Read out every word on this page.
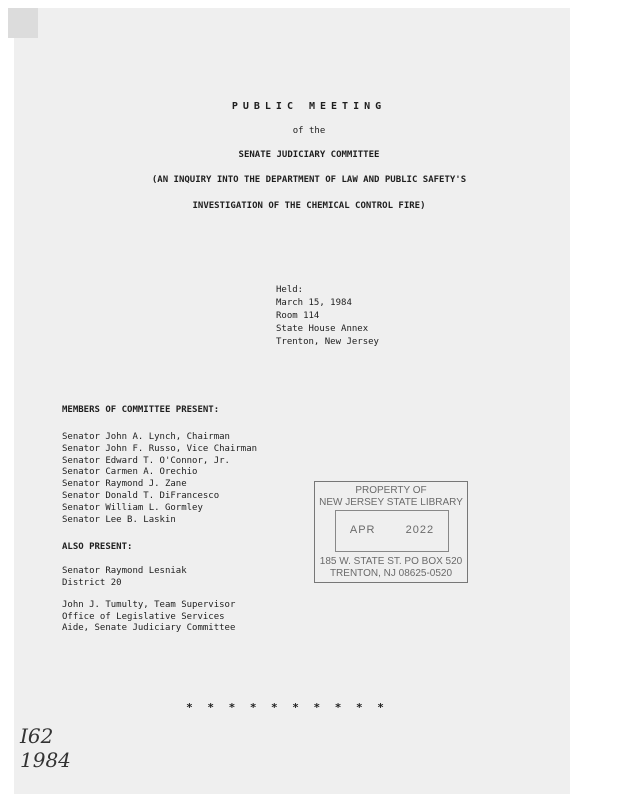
PUBLIC MEETING
of the
SENATE JUDICIARY COMMITTEE
(AN INQUIRY INTO THE DEPARTMENT OF LAW AND PUBLIC SAFETY'S
INVESTIGATION OF THE CHEMICAL CONTROL FIRE)
Held:
March 15, 1984
Room 114
State House Annex
Trenton, New Jersey
MEMBERS OF COMMITTEE PRESENT:
Senator John A. Lynch, Chairman
Senator John F. Russo, Vice Chairman
Senator Edward T. O'Connor, Jr.
Senator Carmen A. Orechio
Senator Raymond J. Zane
Senator Donald T. DiFrancesco
Senator William L. Gormley
Senator Lee B. Laskin
ALSO PRESENT:
Senator Raymond Lesniak
District 20
John J. Tumulty, Team Supervisor
Office of Legislative Services
Aide, Senate Judiciary Committee
PROPERTY OF
NEW JERSEY STATE LIBRARY
APR	2022
185 W. STATE ST. PO BOX 520
TRENTON, NJ 08625-0520
* * * * * * * * * *
I62
1984
